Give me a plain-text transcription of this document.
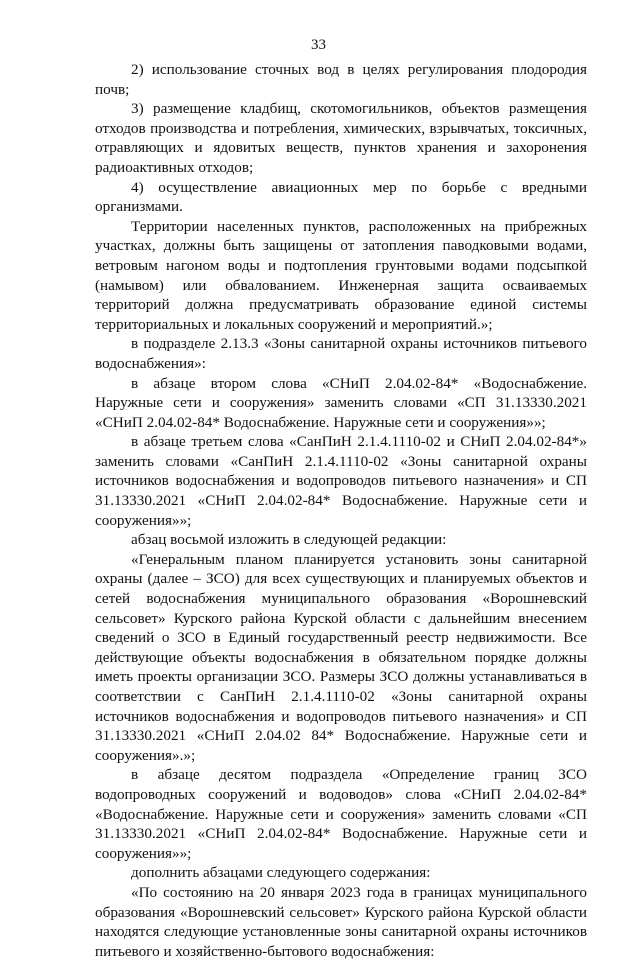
33

2) использование сточных вод в целях регулирования плодородия почв;

3) размещение кладбищ, скотомогильников, объектов размещения отходов производства и потребления, химических, взрывчатых, токсичных, отравляющих и ядовитых веществ, пунктов хранения и захоронения радиоактивных отходов;

4) осуществление авиационных мер по борьбе с вредными организмами.

Территории населенных пунктов, расположенных на прибрежных участках, должны быть защищены от затопления паводковыми водами, ветровым нагоном воды и подтопления грунтовыми водами подсыпкой (намывом) или обвалованием. Инженерная защита осваиваемых территорий должна предусматривать образование единой системы территориальных и локальных сооружений и мероприятий.»;

в подразделе 2.13.3 «Зоны санитарной охраны источников питьевого водоснабжения»:

в абзаце втором слова «СНиП 2.04.02-84* «Водоснабжение. Наружные сети и сооружения» заменить словами «СП 31.13330.2021 «СНиП 2.04.02-84* Водоснабжение. Наружные сети и сооружения»»;

в абзаце третьем слова «СанПиН 2.1.4.1110-02 и СНиП 2.04.02-84*» заменить словами «СанПиН 2.1.4.1110-02 «Зоны санитарной охраны источников водоснабжения и водопроводов питьевого назначения» и СП 31.13330.2021 «СНиП 2.04.02-84* Водоснабжение. Наружные сети и сооружения»»;

абзац восьмой изложить в следующей редакции:

«Генеральным планом планируется установить зоны санитарной охраны (далее – ЗСО) для всех существующих и планируемых объектов и сетей водоснабжения муниципального образования «Ворошневский сельсовет» Курского района Курской области с дальнейшим внесением сведений о ЗСО в Единый государственный реестр недвижимости. Все действующие объекты водоснабжения в обязательном порядке должны иметь проекты организации ЗСО. Размеры ЗСО должны устанавливаться в соответствии с СанПиН 2.1.4.1110-02 «Зоны санитарной охраны источников водоснабжения и водопроводов питьевого назначения» и СП 31.13330.2021 «СНиП 2.04.02 84* Водоснабжение. Наружные сети и сооружения».»;

в абзаце десятом подраздела «Определение границ ЗСО водопроводных сооружений и водоводов» слова «СНиП 2.04.02-84* «Водоснабжение. Наружные сети и сооружения» заменить словами «СП 31.13330.2021 «СНиП 2.04.02-84* Водоснабжение. Наружные сети и сооружения»»;

дополнить абзацами следующего содержания:

«По состоянию на 20 января 2023 года в границах муниципального образования «Ворошневский сельсовет» Курского района Курской области находятся следующие установленные зоны санитарной охраны источников питьевого и хозяйственно-бытового водоснабжения:
